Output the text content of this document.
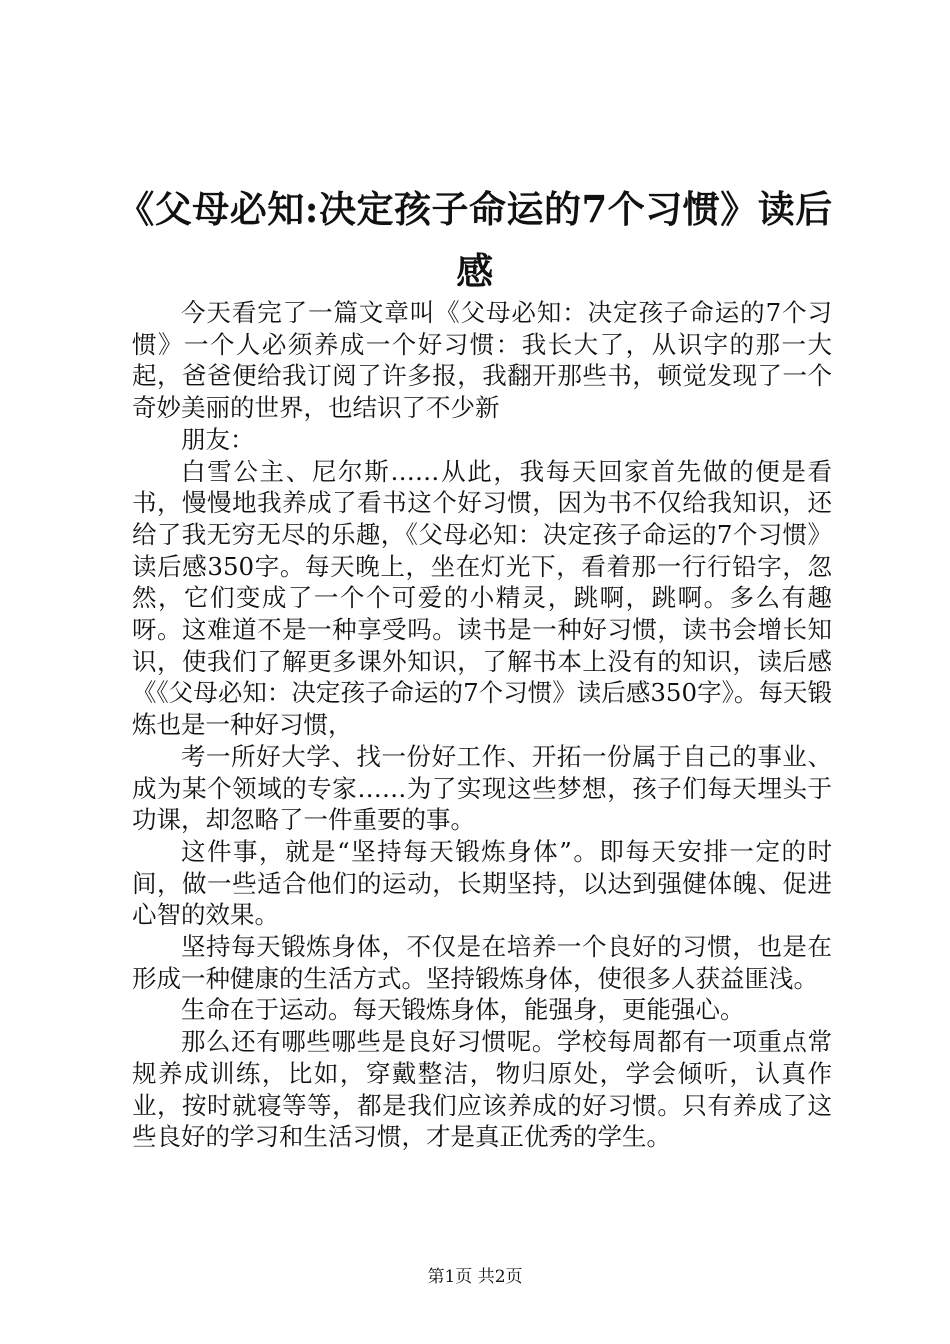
《父母必知:决定孩子命运的7个习惯》读后感

今天看完了一篇文章叫《父母必知：决定孩子命运的7个习惯》一个人必须养成一个好习惯：我长大了，从识字的那一大起，爸爸便给我订阅了许多报，我翻开那些书，顿觉发现了一个奇妙美丽的世界，也结识了不少新

朋友：

白雪公主、尼尔斯……从此，我每天回家首先做的便是看书，慢慢地我养成了看书这个好习惯，因为书不仅给我知识，还给了我无穷无尽的乐趣，《父母必知：决定孩子命运的7个习惯》读后感350字。每天晚上，坐在灯光下，看着那一行行铅字，忽然，它们变成了一个个可爱的小精灵，跳啊，跳啊。多么有趣呀。这难道不是一种享受吗。读书是一种好习惯，读书会增长知识，使我们了解更多课外知识，了解书本上没有的知识，读后感《《父母必知：决定孩子命运的7个习惯》读后感350字》。每天锻炼也是一种好习惯，

考一所好大学、找一份好工作、开拓一份属于自己的事业、成为某个领域的专家……为了实现这些梦想，孩子们每天埋头于功课，却忽略了一件重要的事。

这件事，就是“坚持每天锻炼身体”。即每天安排一定的时间，做一些适合他们的运动，长期坚持，以达到强健体魄、促进心智的效果。

坚持每天锻炼身体，不仅是在培养一个良好的习惯，也是在形成一种健康的生活方式。坚持锻炼身体，使很多人获益匪浅。

生命在于运动。每天锻炼身体，能强身，更能强心。

那么还有哪些哪些是良好习惯呢。学校每周都有一项重点常规养成训练，比如，穿戴整洁，物归原处，学会倾听，认真作业，按时就寝等等，都是我们应该养成的好习惯。只有养成了这些良好的学习和生活习惯，才是真正优秀的学生。

第1页 共2页
